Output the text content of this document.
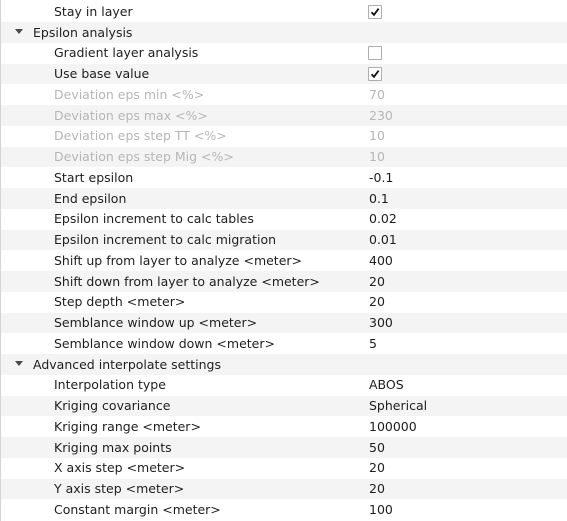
Stay in layer
Epsilon analysis
Gradient layer analysis
Use base value
Deviation eps min <%>	70
Deviation eps max <%>	230
Deviation eps step TT <%>	10
Deviation eps step Mig <%>	10
Start epsilon	-0.1
End epsilon	0.1
Epsilon increment to calc tables	0.02
Epsilon increment to calc migration	0.01
Shift up from layer to analyze <meter>	400
Shift down from layer to analyze <meter>	20
Step depth <meter>	20
Semblance window up <meter>	300
Semblance window down <meter>	5
Advanced interpolate settings
Interpolation type	ABOS
Kriging covariance	Spherical
Kriging range <meter>	100000
Kriging max points	50
X axis step <meter>	20
Y axis step <meter>	20
Constant margin <meter>	100
